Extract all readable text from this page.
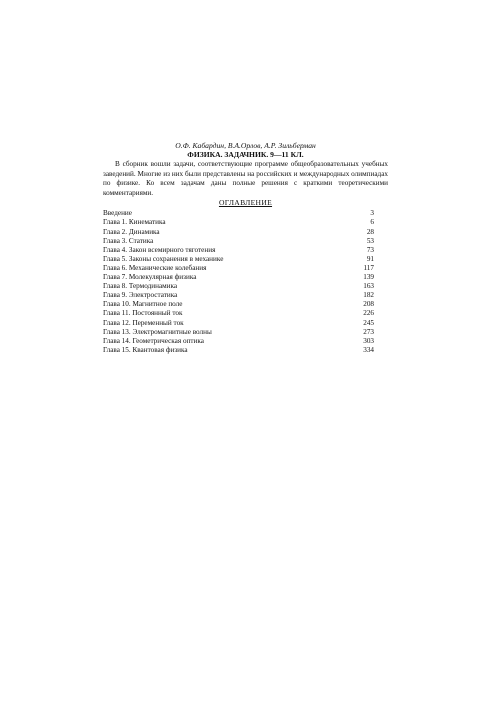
О.Ф. Кабардин, В.А.Орлов, А.Р. Зильберман
ФИЗИКА. ЗАДАЧНИК. 9—11 КЛ.
В сборник вошли задачи, соответствующие программе общеобразовательных учебных заведений. Многие из них были представлены на российских и международных олимпиадах по физике. Ко всем задачам даны полные решения с краткими теоретическими комментариями.
ОГЛАВЛЕНИЕ
Введение	3
Глава 1. Кинематика	6
Глава 2. Динамика	28
Глава 3. Статика	53
Глава 4. Закон всемирного тяготения	73
Глава 5. Законы сохранения в механике	91
Глава 6. Механические колебания	117
Глава 7. Молекулярная физика	139
Глава 8. Термодинамика	163
Глава 9. Электростатика	182
Глава 10. Магнитное поле	208
Глава 11. Постоянный ток	226
Глава 12. Переменный ток	245
Глава 13. Электромагнитные волны	273
Глава 14. Геометрическая оптика	303
Глава 15. Квантовая физика	334
